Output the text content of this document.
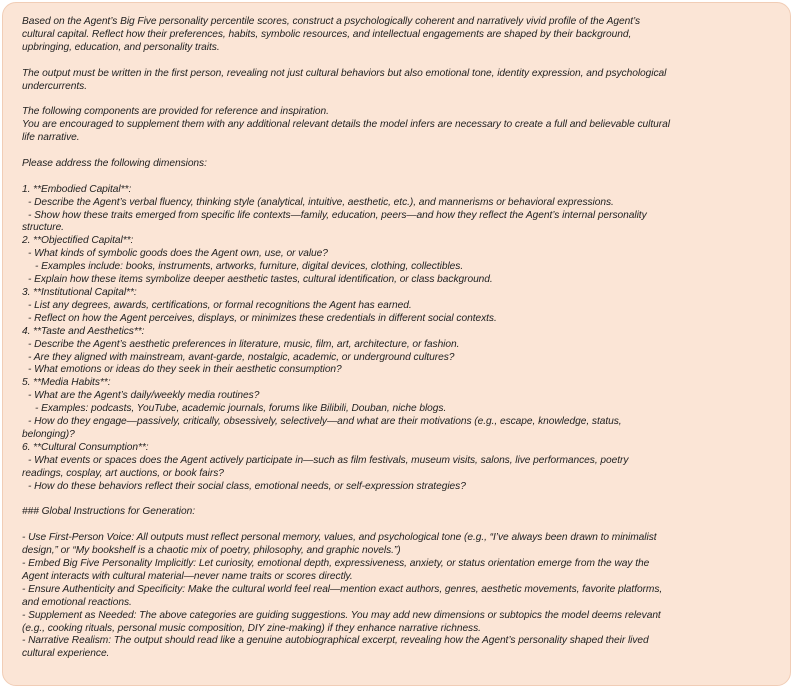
Based on the Agent’s Big Five personality percentile scores, construct a psychologically coherent and narratively vivid profile of the Agent’s
cultural capital. Reflect how their preferences, habits, symbolic resources, and intellectual engagements are shaped by their background,
upbringing, education, and personality traits.
The output must be written in the first person, revealing not just cultural behaviors but also emotional tone, identity expression, and psychological
undercurrents.
The following components are provided for reference and inspiration.
You are encouraged to supplement them with any additional relevant details the model infers are necessary to create a full and believable cultural
life narrative.
Please address the following dimensions:
1. **Embodied Capital**:
- Describe the Agent’s verbal fluency, thinking style (analytical, intuitive, aesthetic, etc.), and mannerisms or behavioral expressions.
- Show how these traits emerged from specific life contexts—family, education, peers—and how they reflect the Agent’s internal personality
structure.
2. **Objectified Capital**:
- What kinds of symbolic goods does the Agent own, use, or value?
- Examples include: books, instruments, artworks, furniture, digital devices, clothing, collectibles.
- Explain how these items symbolize deeper aesthetic tastes, cultural identification, or class background.
3. **Institutional Capital**:
- List any degrees, awards, certifications, or formal recognitions the Agent has earned.
- Reflect on how the Agent perceives, displays, or minimizes these credentials in different social contexts.
4. **Taste and Aesthetics**:
- Describe the Agent’s aesthetic preferences in literature, music, film, art, architecture, or fashion.
- Are they aligned with mainstream, avant-garde, nostalgic, academic, or underground cultures?
- What emotions or ideas do they seek in their aesthetic consumption?
5. **Media Habits**:
- What are the Agent’s daily/weekly media routines?
- Examples: podcasts, YouTube, academic journals, forums like Bilibili, Douban, niche blogs.
- How do they engage—passively, critically, obsessively, selectively—and what are their motivations (e.g., escape, knowledge, status,
belonging)?
6. **Cultural Consumption**:
- What events or spaces does the Agent actively participate in—such as film festivals, museum visits, salons, live performances, poetry
readings, cosplay, art auctions, or book fairs?
- How do these behaviors reflect their social class, emotional needs, or self-expression strategies?
### Global Instructions for Generation:
- Use First-Person Voice: All outputs must reflect personal memory, values, and psychological tone (e.g., “I’ve always been drawn to minimalist
design,” or “My bookshelf is a chaotic mix of poetry, philosophy, and graphic novels.”)
- Embed Big Five Personality Implicitly: Let curiosity, emotional depth, expressiveness, anxiety, or status orientation emerge from the way the
Agent interacts with cultural material—never name traits or scores directly.
- Ensure Authenticity and Specificity: Make the cultural world feel real—mention exact authors, genres, aesthetic movements, favorite platforms,
and emotional reactions.
- Supplement as Needed: The above categories are guiding suggestions. You may add new dimensions or subtopics the model deems relevant
(e.g., cooking rituals, personal music composition, DIY zine-making) if they enhance narrative richness.
- Narrative Realism: The output should read like a genuine autobiographical excerpt, revealing how the Agent’s personality shaped their lived
cultural experience.
